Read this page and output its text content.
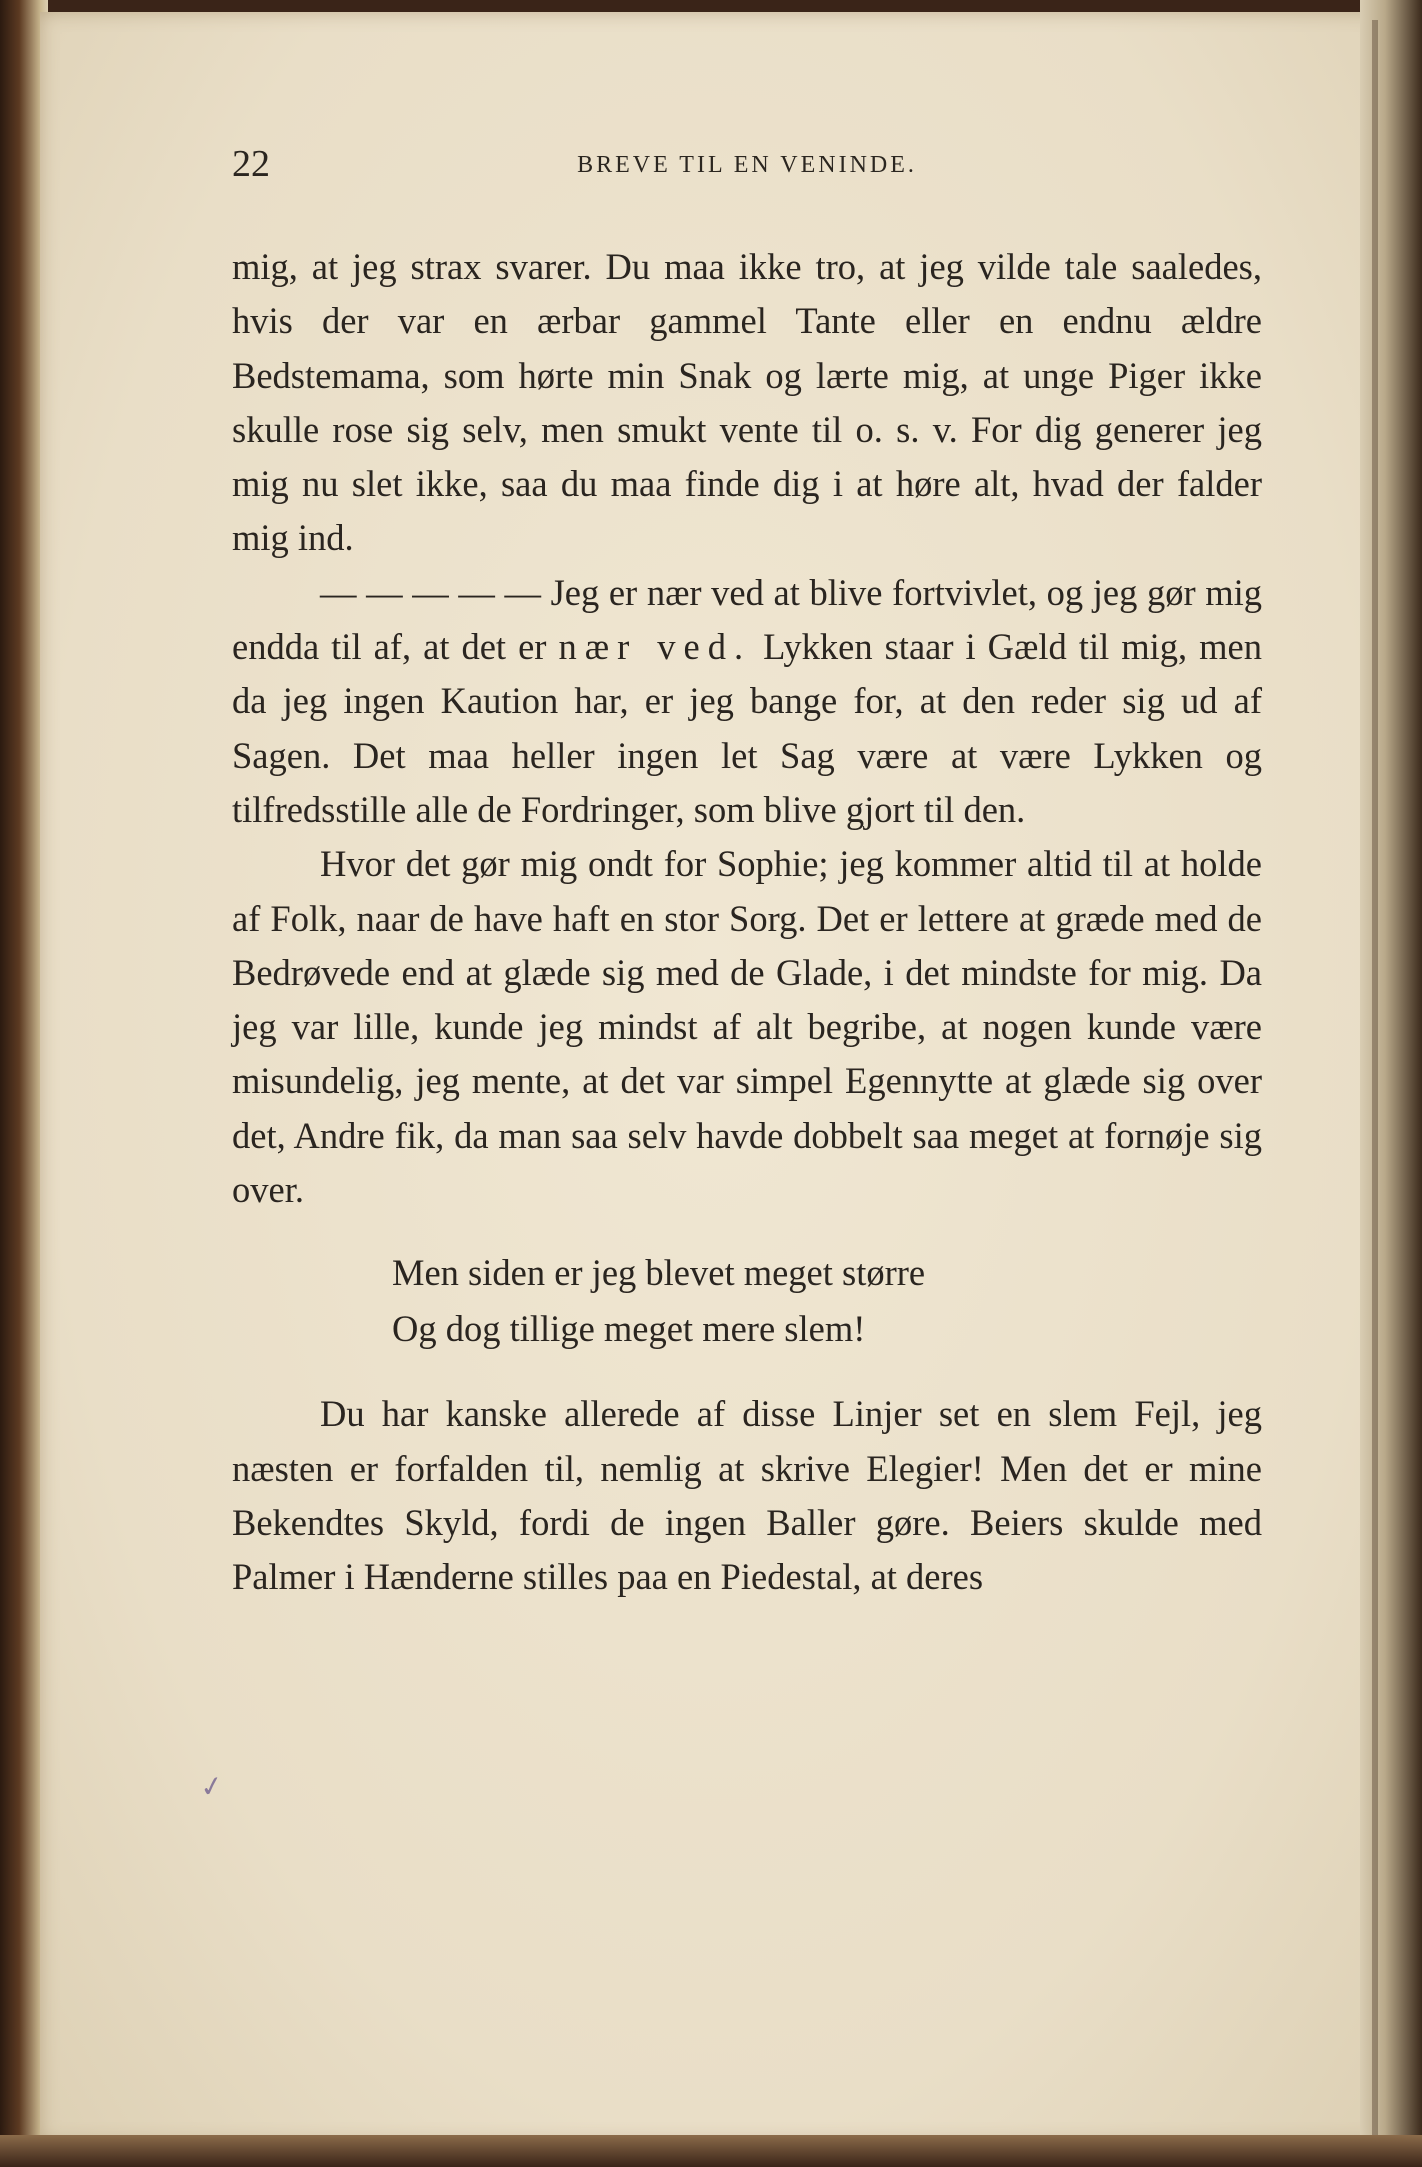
22	BREVE TIL EN VENINDE.

mig, at jeg strax svarer. Du maa ikke tro, at jeg vilde tale saaledes, hvis der var en ærbar gammel Tante eller en endnu ældre Bedstemama, som hørte min Snak og lærte mig, at unge Piger ikke skulle rose sig selv, men smukt vente til o. s. v. For dig generer jeg mig nu slet ikke, saa du maa finde dig i at høre alt, hvad der falder mig ind.

— — — — — Jeg er nær ved at blive fortvivlet, og jeg gør mig endda til af, at det er nær ved. Lykken staar i Gæld til mig, men da jeg ingen Kaution har, er jeg bange for, at den reder sig ud af Sagen. Det maa heller ingen let Sag være at være Lykken og tilfredsstille alle de Fordringer, som blive gjort til den.

Hvor det gør mig ondt for Sophie; jeg kommer altid til at holde af Folk, naar de have haft en stor Sorg. Det er lettere at græde med de Bedrøvede end at glæde sig med de Glade, i det mindste for mig. Da jeg var lille, kunde jeg mindst af alt begribe, at nogen kunde være misundelig, jeg mente, at det var simpel Egennytte at glæde sig over det, Andre fik, da man saa selv havde dobbelt saa meget at fornøje sig over.

Men siden er jeg blevet meget større
Og dog tillige meget mere slem!

Du har kanske allerede af disse Linjer set en slem Fejl, jeg næsten er forfalden til, nemlig at skrive Elegier! Men det er mine Bekendtes Skyld, fordi de ingen Baller gøre. Beiers skulde med Palmer i Hænderne stilles paa en Piedestal, at deres

✓
